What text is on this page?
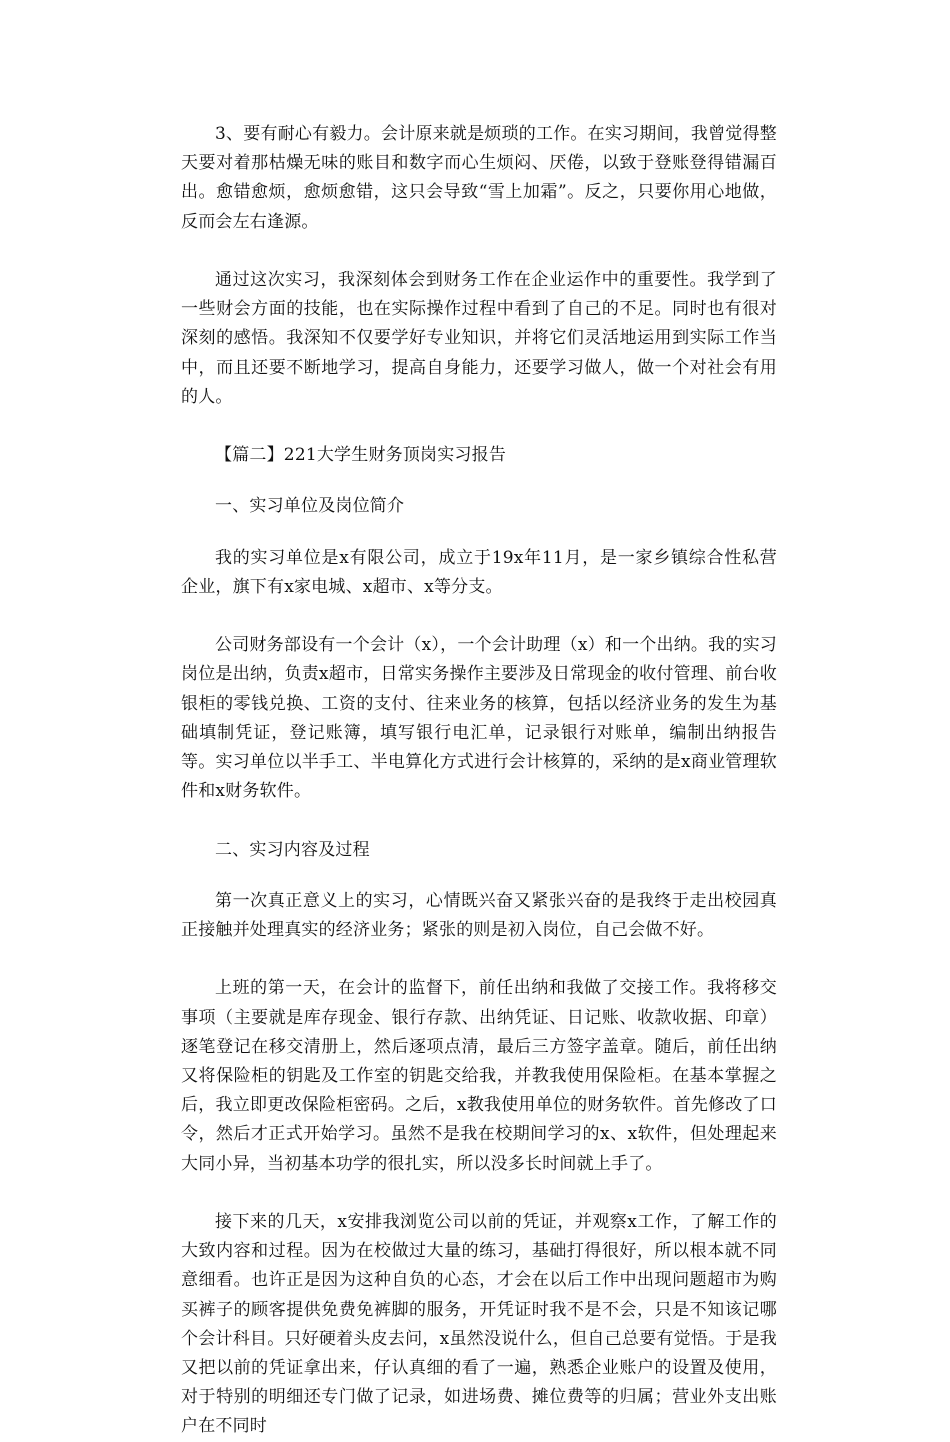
3、要有耐心有毅力。会计原来就是烦琐的工作。在实习期间，我曾觉得整天要对着那枯燥无味的账目和数字而心生烦闷、厌倦，以致于登账登得错漏百出。愈错愈烦，愈烦愈错，这只会导致“雪上加霜”。反之，只要你用心地做，反而会左右逢源。

通过这次实习，我深刻体会到财务工作在企业运作中的重要性。我学到了一些财会方面的技能，也在实际操作过程中看到了自己的不足。同时也有很对深刻的感悟。我深知不仅要学好专业知识，并将它们灵活地运用到实际工作当中，而且还要不断地学习，提高自身能力，还要学习做人，做一个对社会有用的人。

【篇二】221大学生财务顶岗实习报告

一、实习单位及岗位简介

我的实习单位是x有限公司，成立于19x年11月，是一家乡镇综合性私营企业，旗下有x家电城、x超市、x等分支。

公司财务部设有一个会计（x），一个会计助理（x）和一个出纳。我的实习岗位是出纳，负责x超市，日常实务操作主要涉及日常现金的收付管理、前台收银柜的零钱兑换、工资的支付、往来业务的核算，包括以经济业务的发生为基础填制凭证，登记账簿，填写银行电汇单，记录银行对账单，编制出纳报告等。实习单位以半手工、半电算化方式进行会计核算的，采纳的是x商业管理软件和x财务软件。

二、实习内容及过程

第一次真正意义上的实习，心情既兴奋又紧张兴奋的是我终于走出校园真正接触并处理真实的经济业务；紧张的则是初入岗位，自己会做不好。

上班的第一天，在会计的监督下，前任出纳和我做了交接工作。我将移交事项（主要就是库存现金、银行存款、出纳凭证、日记账、收款收据、印章）逐笔登记在移交清册上，然后逐项点清，最后三方签字盖章。随后，前任出纳又将保险柜的钥匙及工作室的钥匙交给我，并教我使用保险柜。在基本掌握之后，我立即更改保险柜密码。之后，x教我使用单位的财务软件。首先修改了口令，然后才正式开始学习。虽然不是我在校期间学习的x、x软件，但处理起来大同小异，当初基本功学的很扎实，所以没多长时间就上手了。

接下来的几天，x安排我浏览公司以前的凭证，并观察x工作，了解工作的大致内容和过程。因为在校做过大量的练习，基础打得很好，所以根本就不同意细看。也许正是因为这种自负的心态，才会在以后工作中出现问题超市为购买裤子的顾客提供免费免裤脚的服务，开凭证时我不是不会，只是不知该记哪个会计科目。只好硬着头皮去问，x虽然没说什么，但自己总要有觉悟。于是我又把以前的凭证拿出来，仔认真细的看了一遍，熟悉企业账户的设置及使用，对于特别的明细还专门做了记录，如进场费、摊位费等的归属；营业外支出账户在不同时
